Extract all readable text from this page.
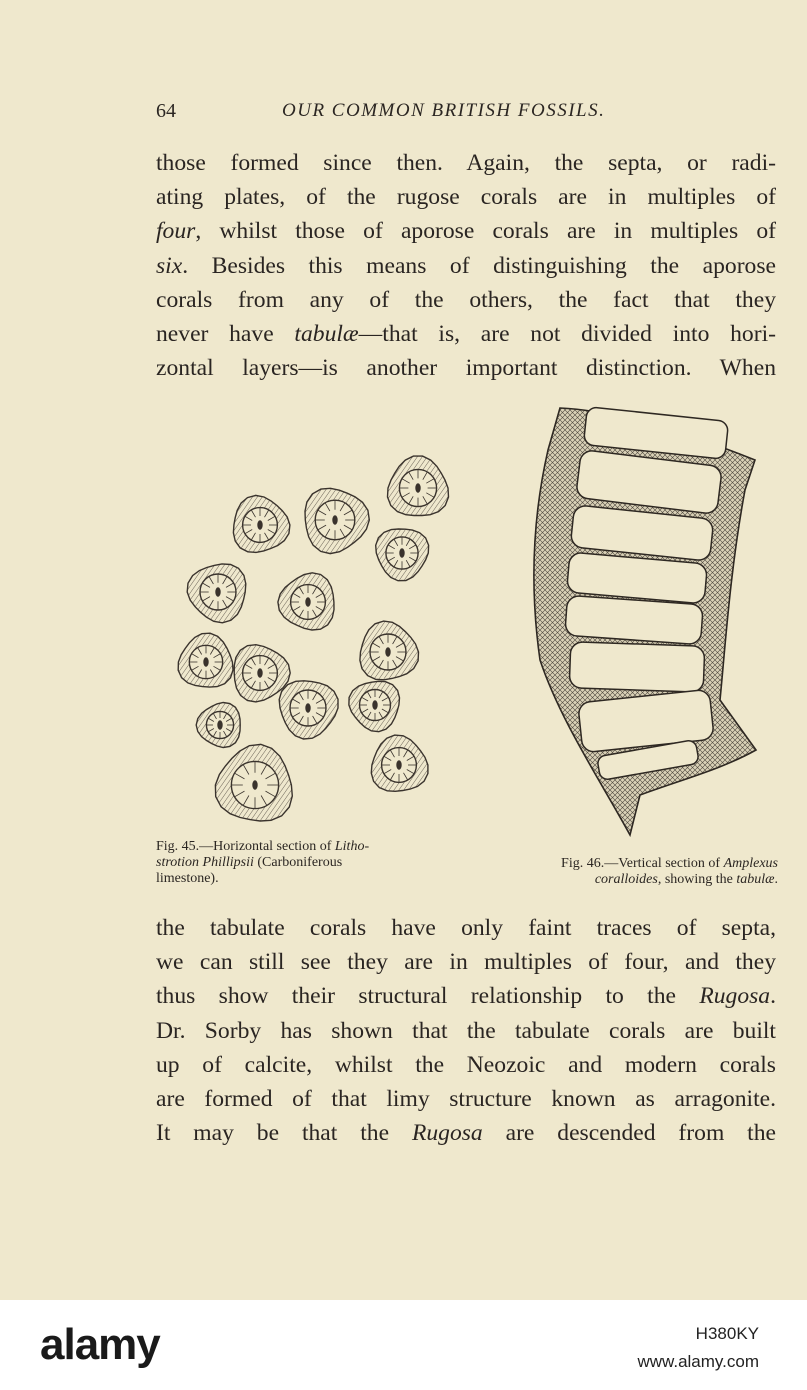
64	OUR COMMON BRITISH FOSSILS.
those formed since then. Again, the septa, or radi-
ating plates, of the rugose corals are in multiples of
four, whilst those of aporose corals are in multiples of
six. Besides this means of distinguishing the aporose
corals from any of the others, the fact that they
never have tabulæ—that is, are not divided into hori-
zontal layers—is another important distinction. When
Fig. 45.—Horizontal section of Litho-
strotion Phillipsii (Carboniferous
limestone).
Fig. 46.—Vertical section of Amplexus
coralloides, showing the tabulæ.
the tabulate corals have only faint traces of septa,
we can still see they are in multiples of four, and they
thus show their structural relationship to the Rugosa.
Dr. Sorby has shown that the tabulate corals are built
up of calcite, whilst the Neozoic and modern corals
are formed of that limy structure known as arragonite.
It may be that the Rugosa are descended from the
alamy	H380KY
www.alamy.com
